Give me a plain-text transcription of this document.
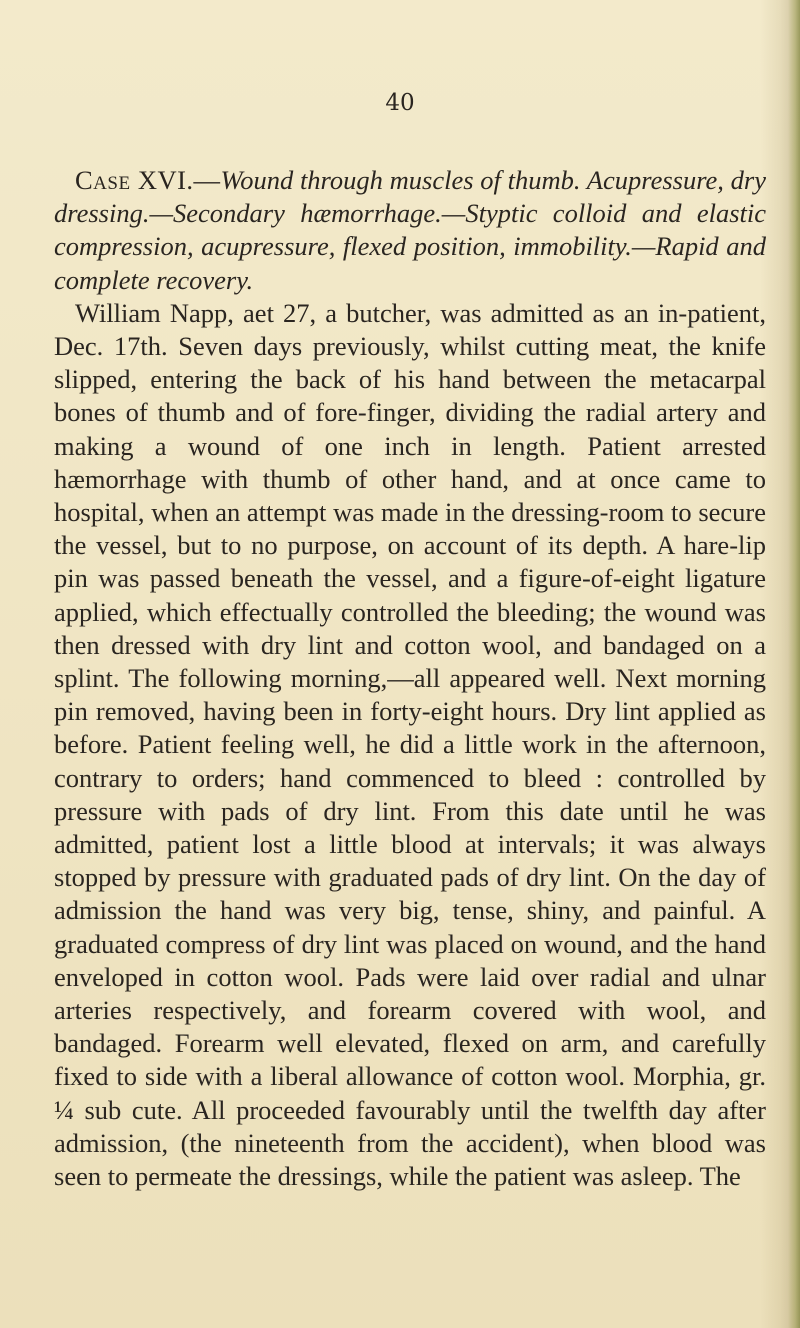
40

Case XVI.—Wound through muscles of thumb. Acupressure, dry dressing.—Secondary hæmorrhage.—Styptic colloid and elastic compression, acupressure, flexed position, immobility.—Rapid and complete recovery.

William Napp, aet 27, a butcher, was admitted as an in-patient, Dec. 17th. Seven days previously, whilst cutting meat, the knife slipped, entering the back of his hand between the metacarpal bones of thumb and of fore-finger, dividing the radial artery and making a wound of one inch in length. Patient arrested hæmorrhage with thumb of other hand, and at once came to hospital, when an attempt was made in the dressing-room to secure the vessel, but to no purpose, on account of its depth. A hare-lip pin was passed beneath the vessel, and a figure-of-eight ligature applied, which effectually controlled the bleeding; the wound was then dressed with dry lint and cotton wool, and bandaged on a splint. The following morning,—all appeared well. Next morning pin removed, having been in forty-eight hours. Dry lint applied as before. Patient feeling well, he did a little work in the afternoon, contrary to orders; hand commenced to bleed : controlled by pressure with pads of dry lint. From this date until he was admitted, patient lost a little blood at intervals; it was always stopped by pressure with graduated pads of dry lint. On the day of admission the hand was very big, tense, shiny, and painful. A graduated compress of dry lint was placed on wound, and the hand enveloped in cotton wool. Pads were laid over radial and ulnar arteries respectively, and forearm covered with wool, and bandaged. Forearm well elevated, flexed on arm, and carefully fixed to side with a liberal allowance of cotton wool. Morphia, gr. ¼ sub cute. All proceeded favourably until the twelfth day after admission, (the nineteenth from the accident), when blood was seen to permeate the dressings, while the patient was asleep. The
